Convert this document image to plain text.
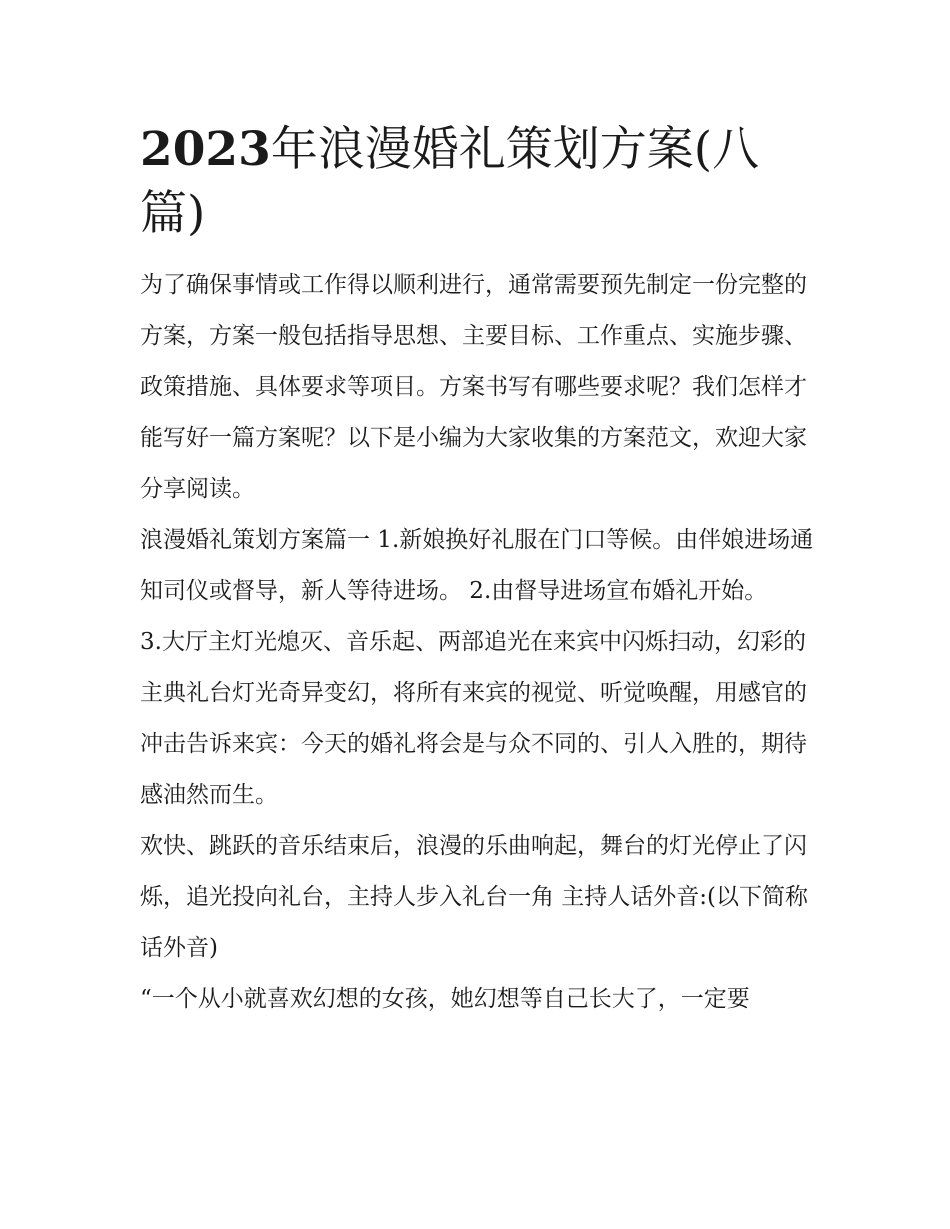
2023年浪漫婚礼策划方案(八篇)

为了确保事情或工作得以顺利进行，通常需要预先制定一份完整的方案，方案一般包括指导思想、主要目标、工作重点、实施步骤、政策措施、具体要求等项目。方案书写有哪些要求呢？我们怎样才能写好一篇方案呢？以下是小编为大家收集的方案范文，欢迎大家分享阅读。

浪漫婚礼策划方案篇一 1.新娘换好礼服在门口等候。由伴娘进场通知司仪或督导，新人等待进场。 2.由督导进场宣布婚礼开始。

3.大厅主灯光熄灭、音乐起、两部追光在来宾中闪烁扫动，幻彩的主典礼台灯光奇异变幻，将所有来宾的视觉、听觉唤醒，用感官的冲击告诉来宾：今天的婚礼将会是与众不同的、引人入胜的，期待感油然而生。

欢快、跳跃的音乐结束后，浪漫的乐曲响起，舞台的灯光停止了闪烁，追光投向礼台，主持人步入礼台一角 主持人话外音:(以下简称话外音)

“一个从小就喜欢幻想的女孩，她幻想等自己长大了，一定要
